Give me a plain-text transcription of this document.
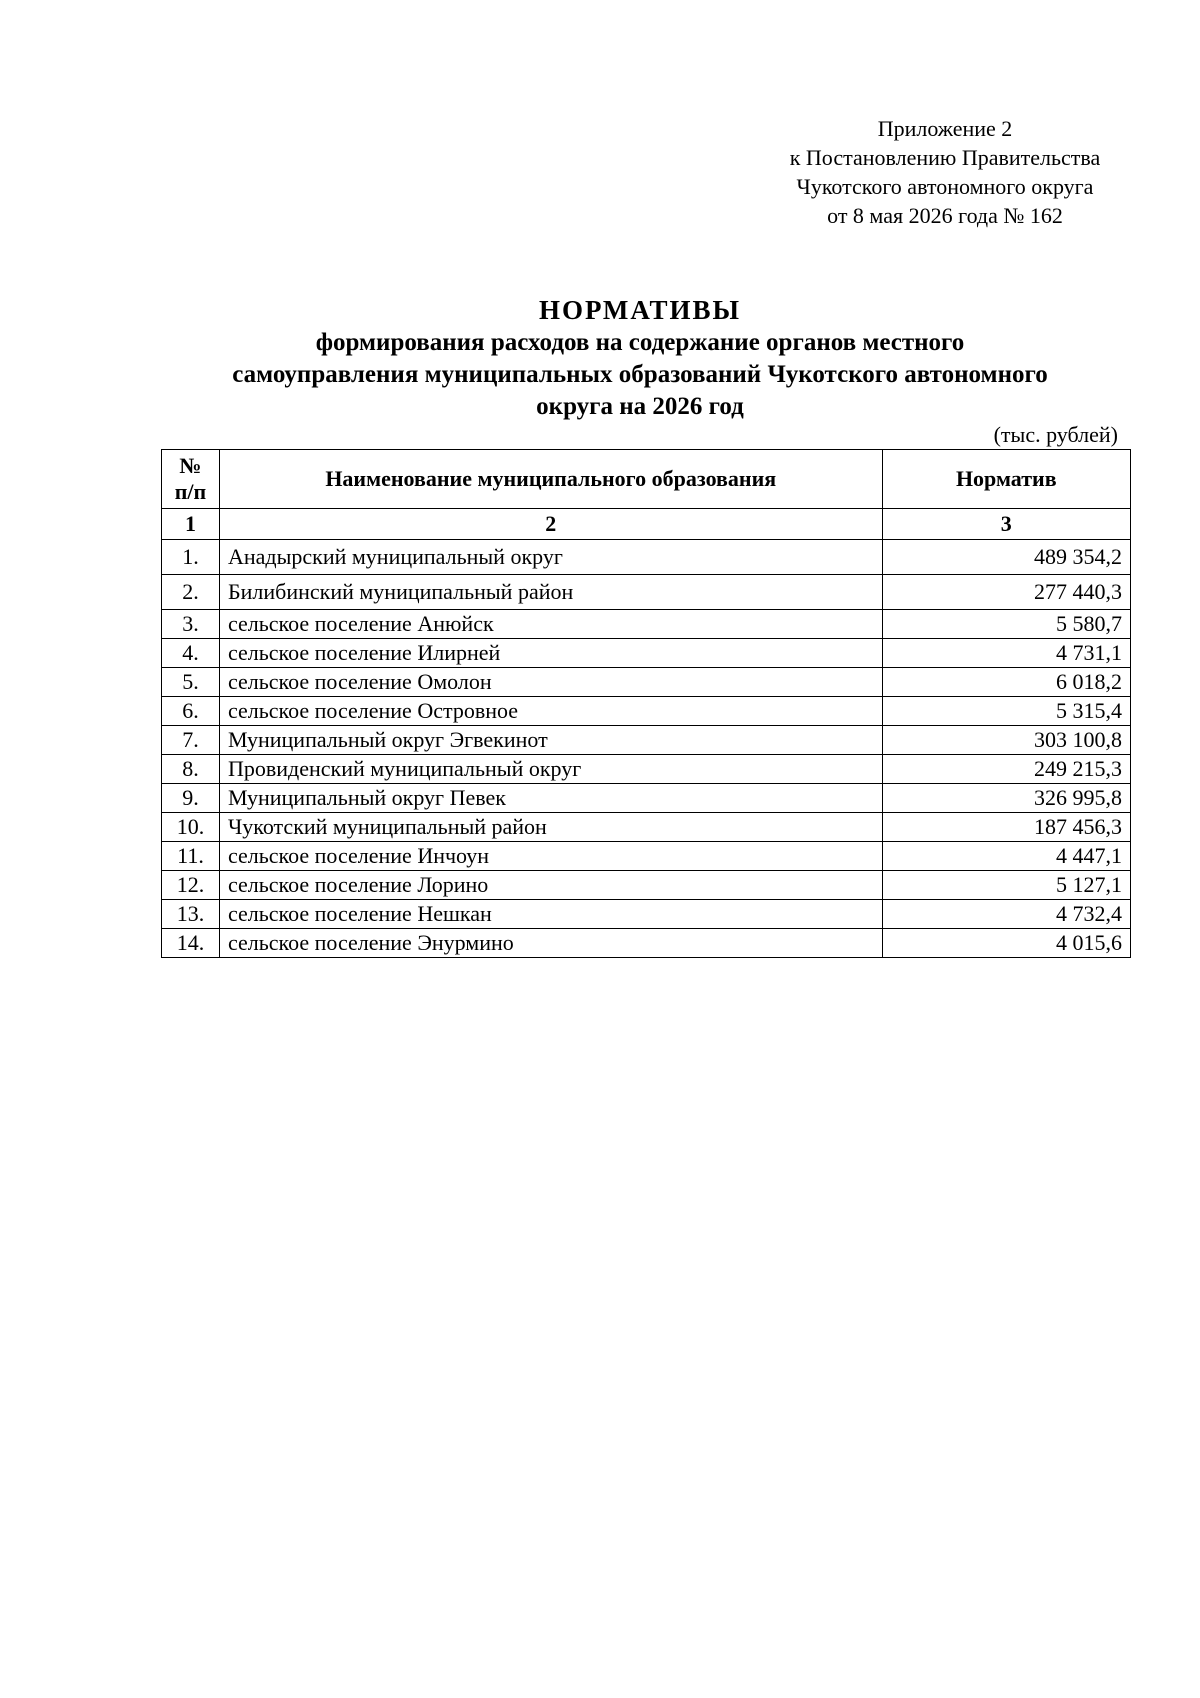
Приложение 2
к Постановлению Правительства
Чукотского автономного округа
от 8 мая 2026 года № 162
НОРМАТИВЫ
формирования расходов на содержание органов местного
самоуправления муниципальных образований Чукотского автономного
округа на 2026 год
(тыс. рублей)
№
п/п	Наименование муниципального образования	Норматив
1	2	3
1.	Анадырский муниципальный округ	489 354,2
2.	Билибинский муниципальный район	277 440,3
3.	сельское поселение Анюйск	5 580,7
4.	сельское поселение Илирней	4 731,1
5.	сельское поселение Омолон	6 018,2
6.	сельское поселение Островное	5 315,4
7.	Муниципальный округ Эгвекинот	303 100,8
8.	Провиденский муниципальный округ	249 215,3
9.	Муниципальный округ Певек	326 995,8
10.	Чукотский муниципальный район	187 456,3
11.	сельское поселение Инчоун	4 447,1
12.	сельское поселение Лорино	5 127,1
13.	сельское поселение Нешкан	4 732,4
14.	сельское поселение Энурмино	4 015,6
